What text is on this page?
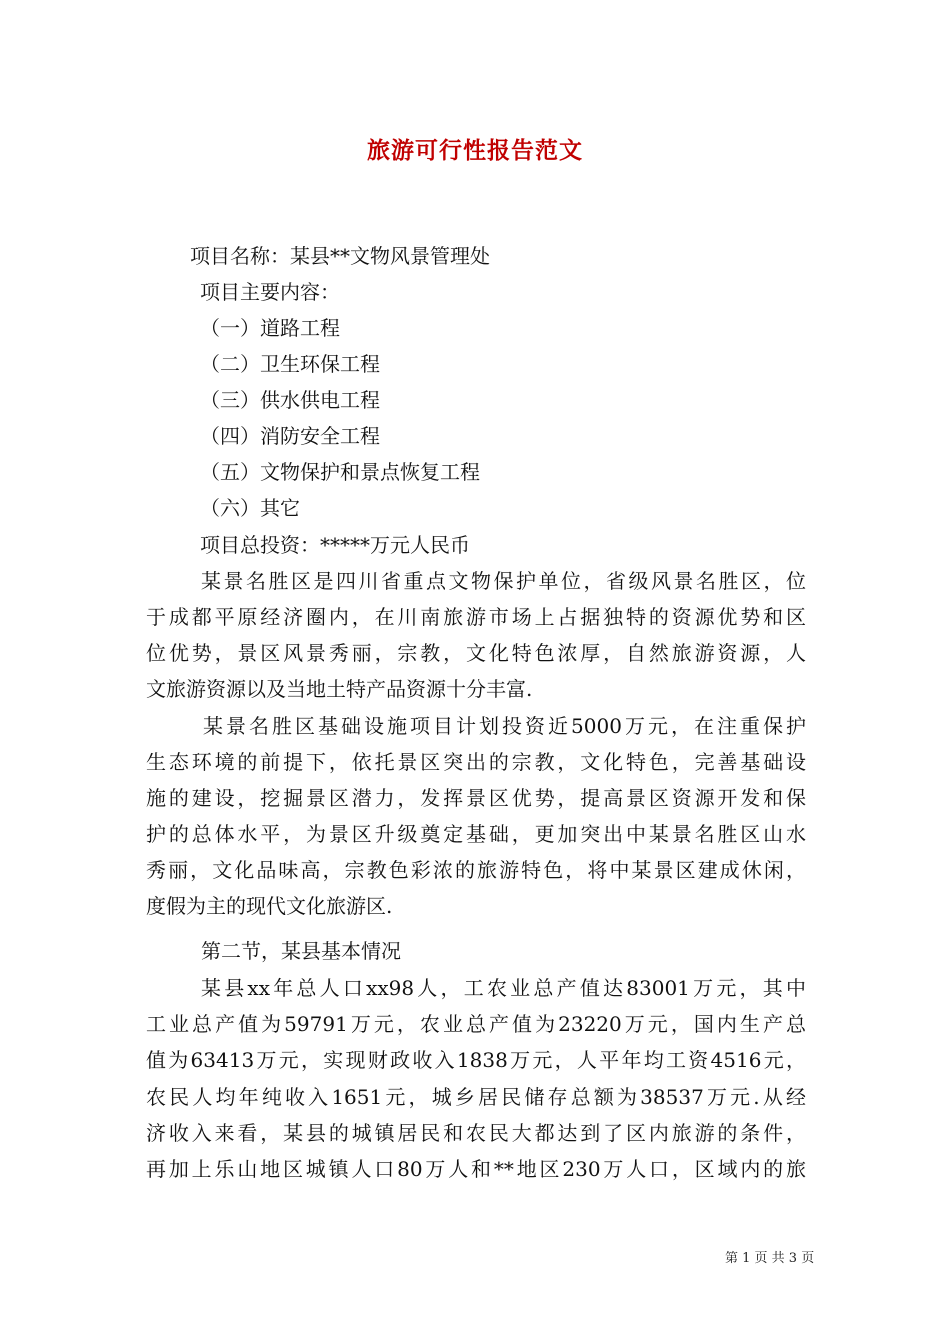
旅游可行性报告范文

项目名称：某县**文物风景管理处

项目主要内容：

（一）道路工程

（二）卫生环保工程

（三）供水供电工程

（四）消防安全工程

（五）文物保护和景点恢复工程

（六）其它

项目总投资：*****万元人民币

某景名胜区是四川省重点文物保护单位，省级风景名胜区，位

于成都平原经济圈内，在川南旅游市场上占据独特的资源优势和区

位优势，景区风景秀丽，宗教，文化特色浓厚，自然旅游资源，人

文旅游资源以及当地土特产品资源十分丰富.

某景名胜区基础设施项目计划投资近5000万元，在注重保护

生态环境的前提下，依托景区突出的宗教，文化特色，完善基础设

施的建设，挖掘景区潜力，发挥景区优势，提高景区资源开发和保

护的总体水平，为景区升级奠定基础，更加突出中某景名胜区山水

秀丽，文化品味高，宗教色彩浓的旅游特色，将中某景区建成休闲，

度假为主的现代文化旅游区.

第二节，某县基本情况

某县xx年总人口xx98人，工农业总产值达83001万元，其中

工业总产值为59791万元，农业总产值为23220万元，国内生产总

值为63413万元，实现财政收入1838万元，人平年均工资4516元，

农民人均年纯收入1651元，城乡居民储存总额为38537万元.从经

济收入来看，某县的城镇居民和农民大都达到了区内旅游的条件，

再加上乐山地区城镇人口80万人和**地区230万人口，区域内的旅

第 1 页 共 3 页
